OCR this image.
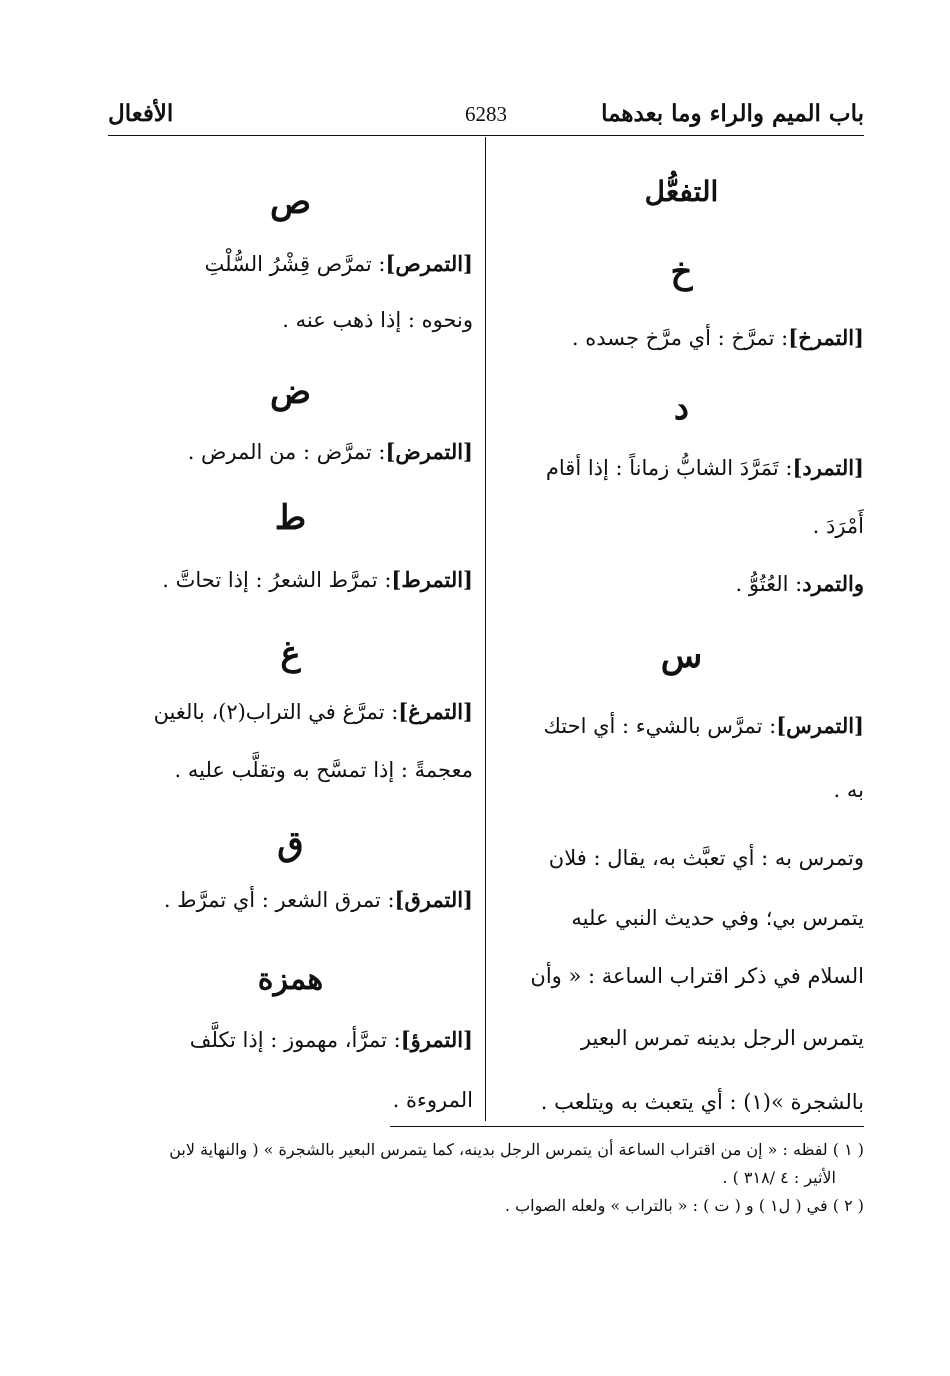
باب الميم والراء وما بعدهما
6283
الأفعال
التفعُّل
خ
[التمرخ]: تمرَّخ : أي مرَّخ جسده .
د
[التمرد]: تَمَرَّدَ الشابُّ زماناً : إذا أقام
أَمْرَدَ .
والتمرد: العُتُوُّ .
س
[التمرس]: تمرَّس بالشيء : أي احتك
به .
وتمرس به : أي تعبَّث به، يقال : فلان
يتمرس بي؛ وفي حديث النبي عليه
السلام في ذكر اقتراب الساعة : « وأن
يتمرس الرجل بدينه تمرس البعير
بالشجرة »(١) : أي يتعبث به ويتلعب .
ص
[التمرص]: تمرَّص قِشْرُ السُّلْتِ
ونحوه : إذا ذهب عنه .
ض
[التمرض]: تمرَّض : من المرض .
ط
[التمرط]: تمرَّط الشعرُ : إذا تحاتَّ .
غ
[التمرغ]: تمرَّغ في التراب(٢)، بالغين
معجمةً : إذا تمسَّح به وتقلَّب عليه .
ق
[التمرق]: تمرق الشعر : أي تمرَّط .
همزة
[التمرؤ]: تمرَّأ، مهموز : إذا تكلَّف
المروءة .
( ١ ) لفظه : « إن من اقتراب الساعة أن يتمرس الرجل بدينه، كما يتمرس البعير بالشجرة » ( والنهاية لابن
الأثير : ٤ /٣١٨ ) .
( ٢ ) في ( ل١ ) و ( ت ) : « بالتراب » ولعله الصواب .
